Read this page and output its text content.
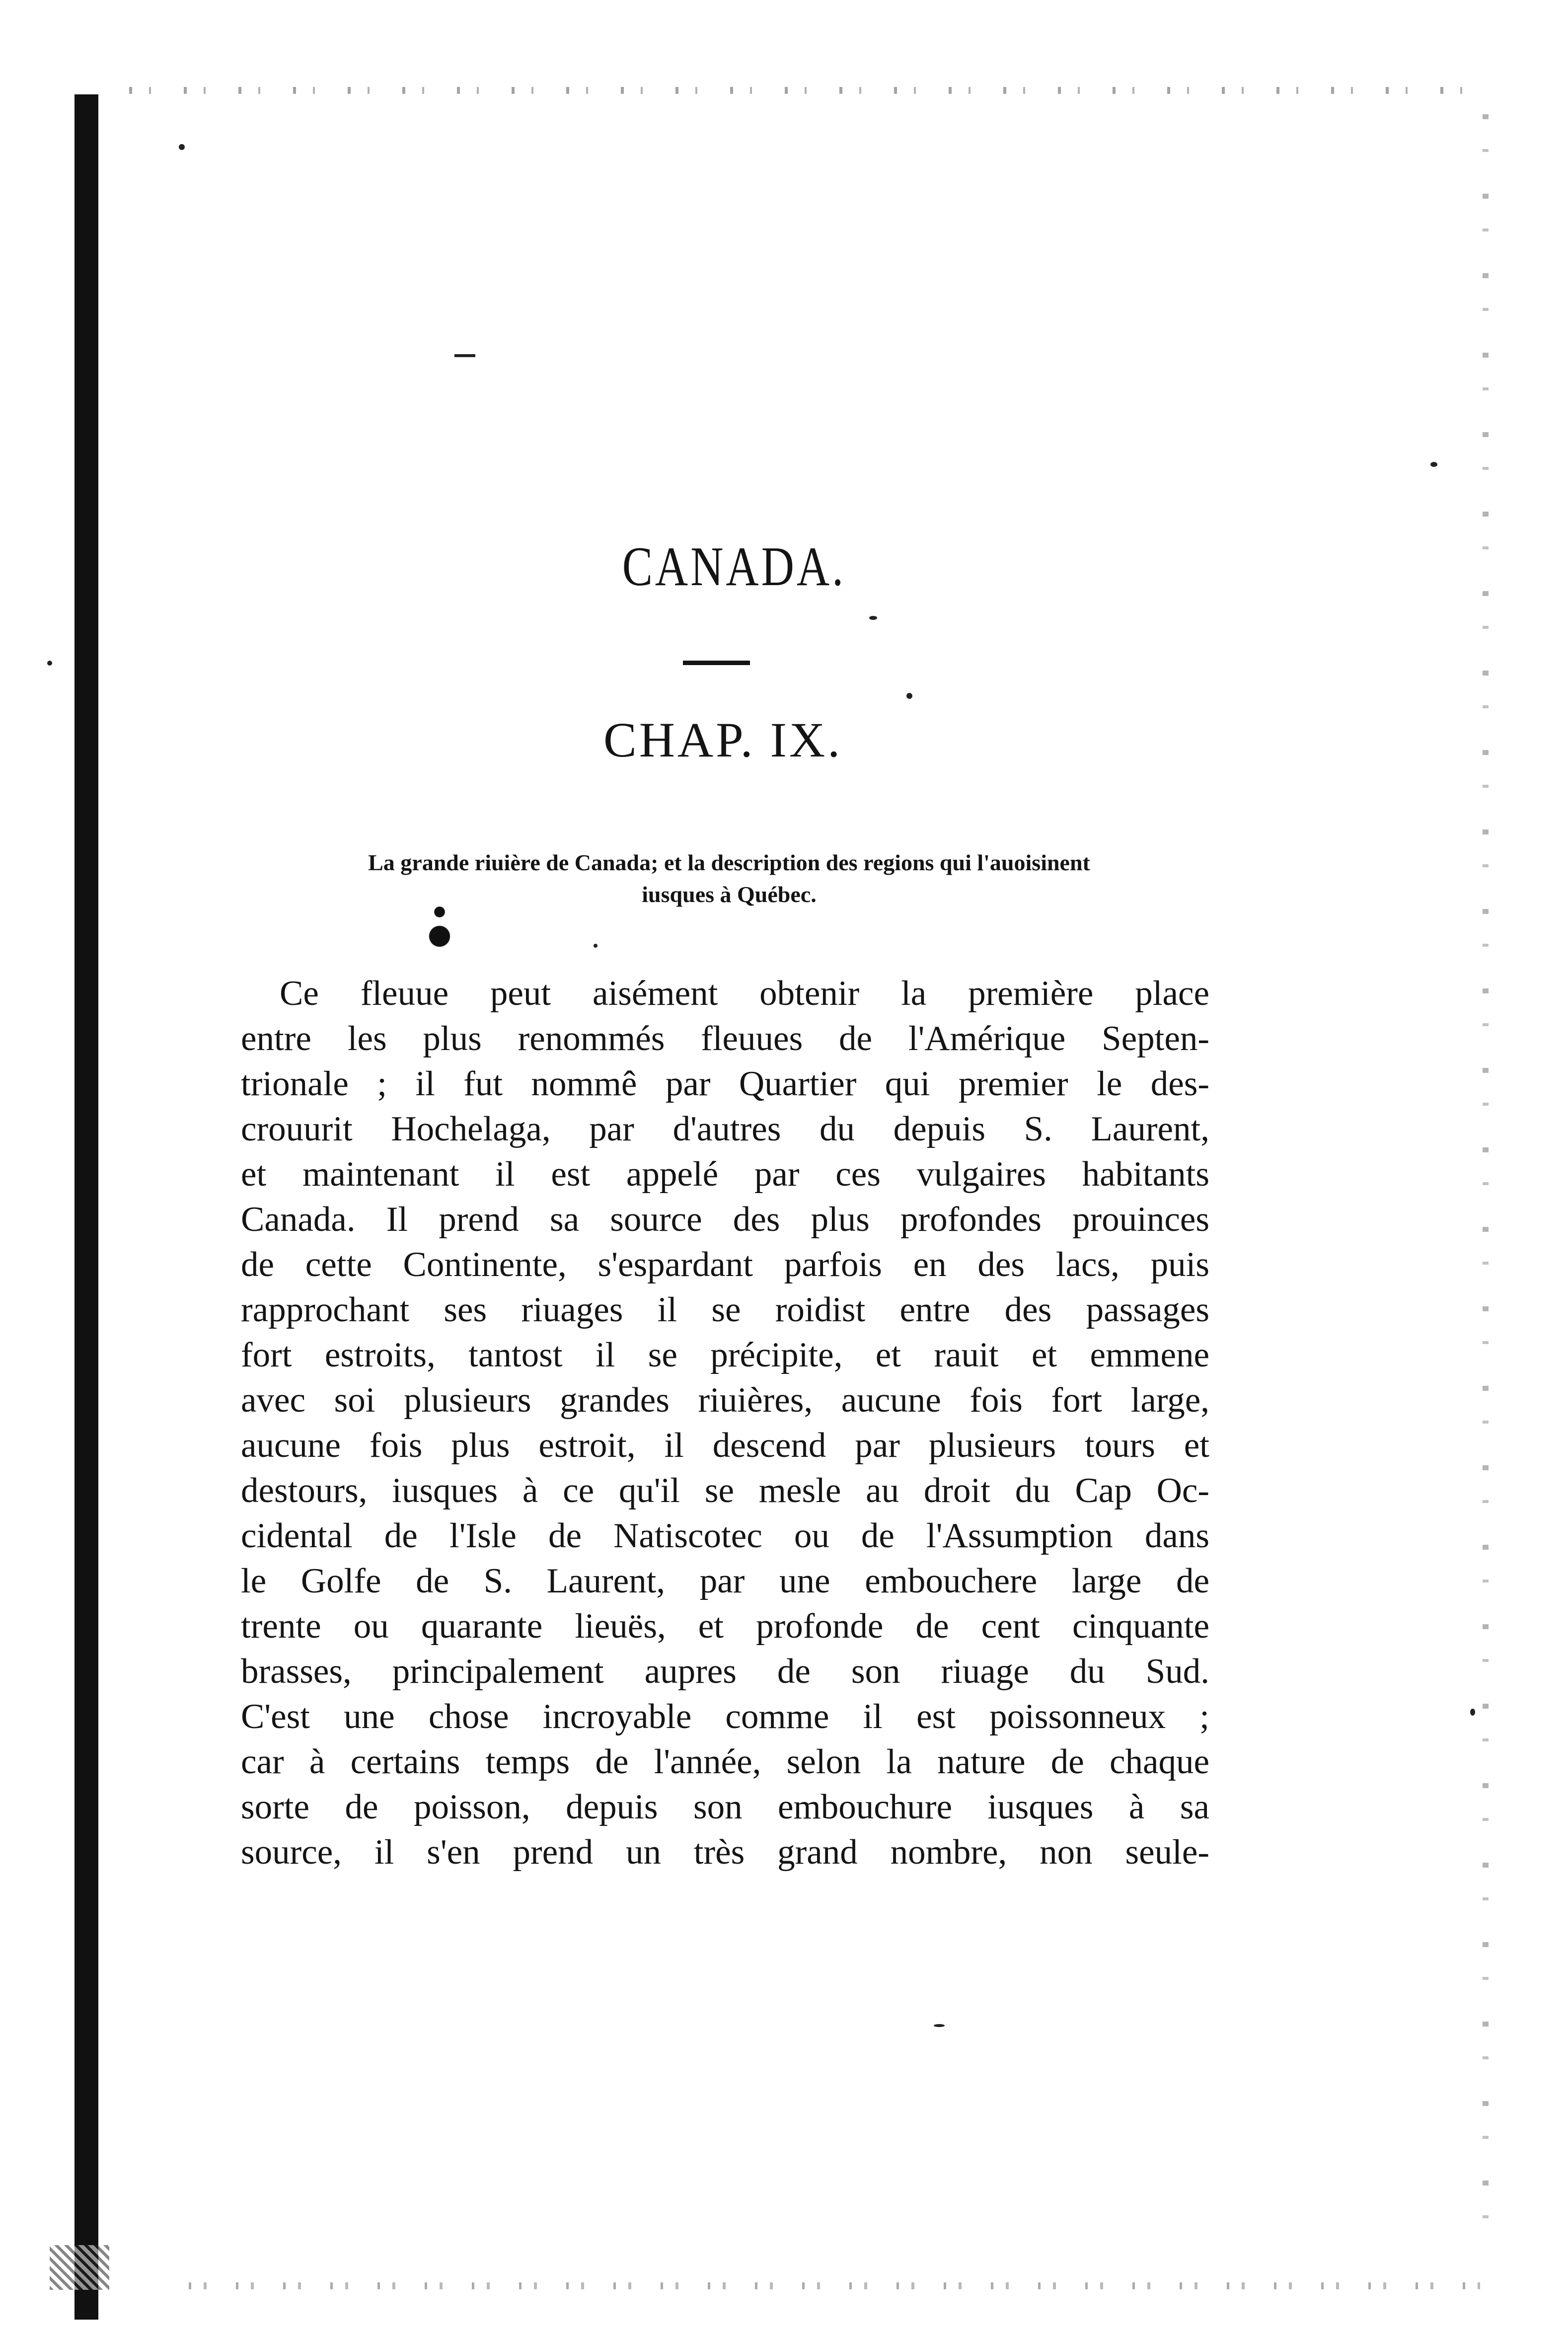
CANADA.
CHAP. IX.
La grande riuière de Canada; et la description des regions qui l'auoisinent
iusques à Québec.
Ce fleuue peut aisément obtenir la première place
entre les plus renommés fleuues de l'Amérique Septen-
trionale ; il fut nommê par Quartier qui premier le des-
crouurit Hochelaga, par d'autres du depuis S. Laurent,
et maintenant il est appelé par ces vulgaires habitants
Canada. Il prend sa source des plus profondes prouinces
de cette Continente, s'espardant parfois en des lacs, puis
rapprochant ses riuages il se roidist entre des passages
fort estroits, tantost il se précipite, et rauit et emmene
avec soi plusieurs grandes riuières, aucune fois fort large,
aucune fois plus estroit, il descend par plusieurs tours et
destours, iusques à ce qu'il se mesle au droit du Cap Oc-
cidental de l'Isle de Natiscotec ou de l'Assumption dans
le Golfe de S. Laurent, par une embouchere large de
trente ou quarante lieuës, et profonde de cent cinquante
brasses, principalement aupres de son riuage du Sud.
C'est une chose incroyable comme il est poissonneux ;
car à certains temps de l'année, selon la nature de chaque
sorte de poisson, depuis son embouchure iusques à sa
source, il s'en prend un très grand nombre, non seule-
